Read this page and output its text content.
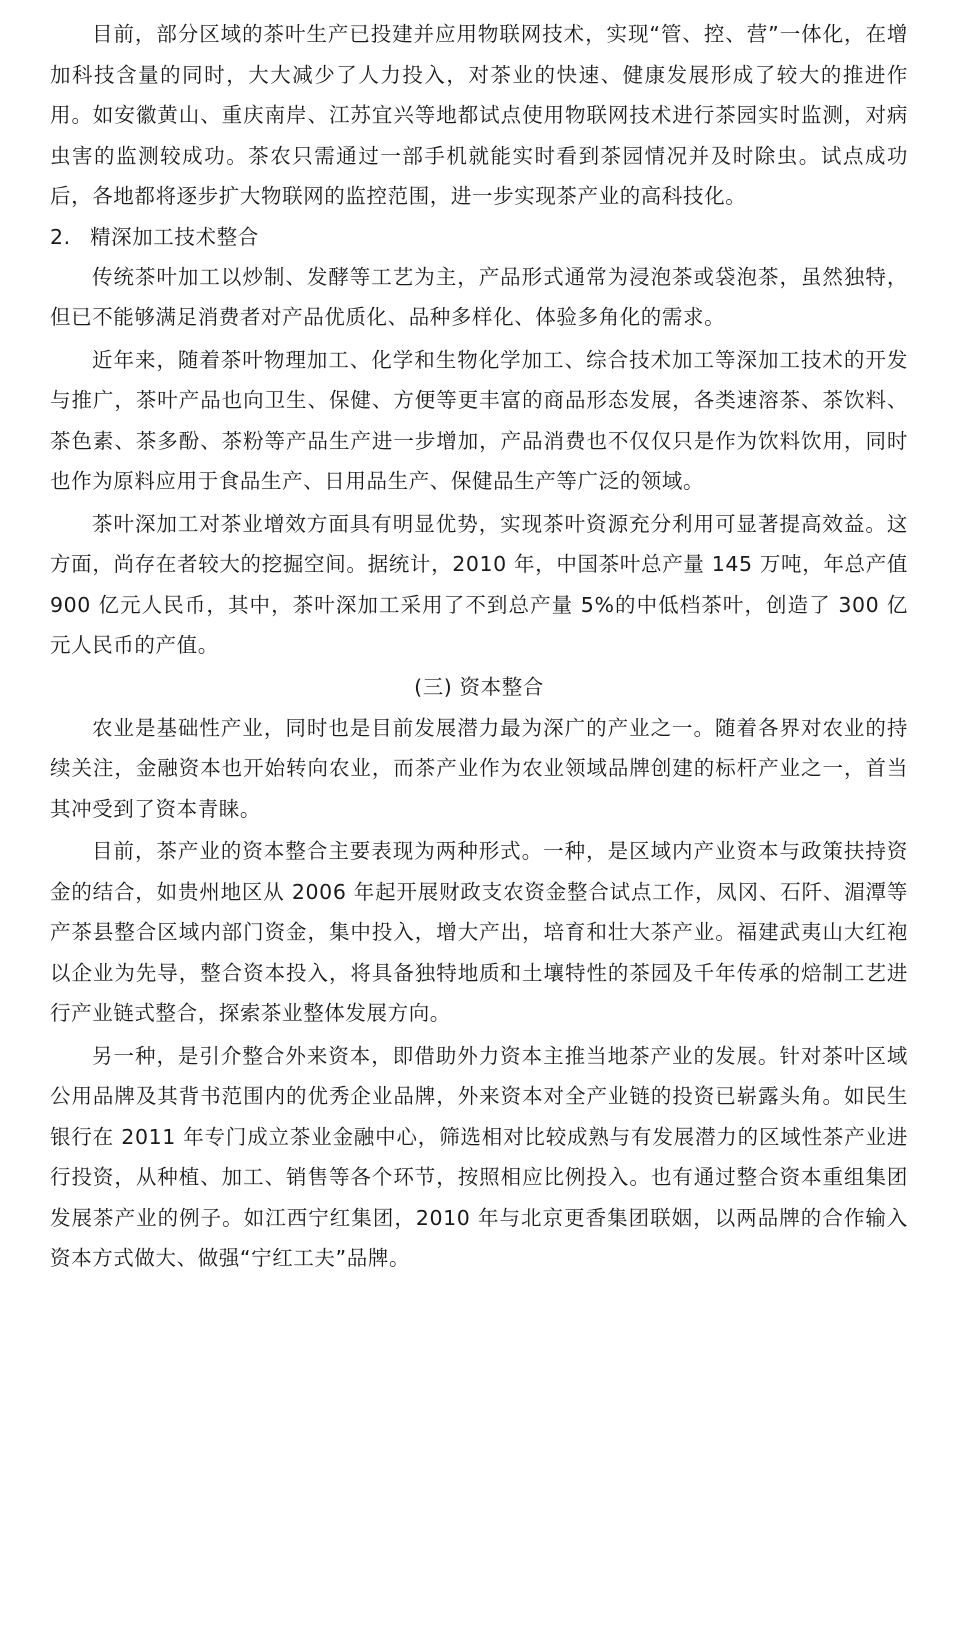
目前，部分区域的茶叶生产已投建并应用物联网技术，实现“管、控、营”一体化，在增加科技含量的同时，大大减少了人力投入，对茶业的快速、健康发展形成了较大的推进作用。如安徽黄山、重庆南岸、江苏宜兴等地都试点使用物联网技术进行茶园实时监测，对病虫害的监测较成功。茶农只需通过一部手机就能实时看到茶园情况并及时除虫。试点成功后，各地都将逐步扩大物联网的监控范围，进一步实现茶产业的高科技化。

2. 精深加工技术整合

传统茶叶加工以炒制、发酵等工艺为主，产品形式通常为浸泡茶或袋泡茶，虽然独特，但已不能够满足消费者对产品优质化、品种多样化、体验多角化的需求。

近年来，随着茶叶物理加工、化学和生物化学加工、综合技术加工等深加工技术的开发与推广，茶叶产品也向卫生、保健、方便等更丰富的商品形态发展，各类速溶茶、茶饮料、茶色素、茶多酚、茶粉等产品生产进一步增加，产品消费也不仅仅只是作为饮料饮用，同时也作为原料应用于食品生产、日用品生产、保健品生产等广泛的领域。

茶叶深加工对茶业增效方面具有明显优势，实现茶叶资源充分利用可显著提高效益。这方面，尚存在者较大的挖掘空间。据统计，2010 年，中国茶叶总产量 145 万吨，年总产值 900 亿元人民币，其中，茶叶深加工采用了不到总产量 5%的中低档茶叶，创造了 300 亿元人民币的产值。

(三) 资本整合

农业是基础性产业，同时也是目前发展潜力最为深广的产业之一。随着各界对农业的持续关注，金融资本也开始转向农业，而茶产业作为农业领域品牌创建的标杆产业之一，首当其冲受到了资本青睐。

目前，茶产业的资本整合主要表现为两种形式。一种，是区域内产业资本与政策扶持资金的结合，如贵州地区从 2006 年起开展财政支农资金整合试点工作，凤冈、石阡、湄潭等产茶县整合区域内部门资金，集中投入，增大产出，培育和壮大茶产业。福建武夷山大红袍以企业为先导，整合资本投入，将具备独特地质和土壤特性的茶园及千年传承的焙制工艺进行产业链式整合，探索茶业整体发展方向。

另一种，是引介整合外来资本，即借助外力资本主推当地茶产业的发展。针对茶叶区域公用品牌及其背书范围内的优秀企业品牌，外来资本对全产业链的投资已崭露头角。如民生银行在 2011 年专门成立茶业金融中心，筛选相对比较成熟与有发展潜力的区域性茶产业进行投资，从种植、加工、销售等各个环节，按照相应比例投入。也有通过整合资本重组集团发展茶产业的例子。如江西宁红集团，2010 年与北京更香集团联姻，以两品牌的合作输入资本方式做大、做强“宁红工夫”品牌。
